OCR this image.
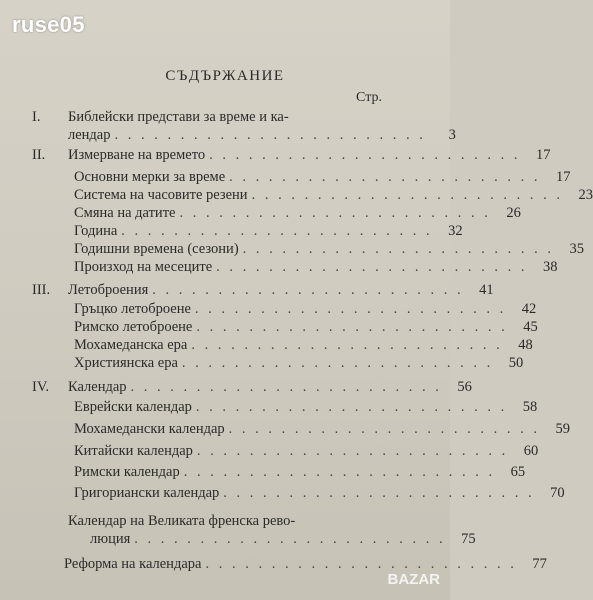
ruse05
СЪДЪРЖАНИЕ
Стр.
I.	Библейски представи за време и ка-
лендар . . . . . . . . . . . . . . . . . . . . . . . .	3
II.	Измерване на времето . . . . . . . . . . . . . . . . . . . . . . . .	17
Основни мерки за време . . . . . . . . . . . . . . . . . . . . . . . .	17
Система на часовите резени . . . . . . . . . . . . . . . . . . . . . . . .	23
Смяна на датите . . . . . . . . . . . . . . . . . . . . . . . .	26
Година . . . . . . . . . . . . . . . . . . . . . . . .	32
Годишни времена (сезони) . . . . . . . . . . . . . . . . . . . . . . . .	35
Произход на месеците . . . . . . . . . . . . . . . . . . . . . . . .	38
III.	Летоброения . . . . . . . . . . . . . . . . . . . . . . . .	41
Гръцко летоброене . . . . . . . . . . . . . . . . . . . . . . . .	42
Римско летоброене . . . . . . . . . . . . . . . . . . . . . . . .	45
Мохамеданска ера . . . . . . . . . . . . . . . . . . . . . . . .	48
Християнска ера . . . . . . . . . . . . . . . . . . . . . . . .	50
IV.	Календар . . . . . . . . . . . . . . . . . . . . . . . .	56
Еврейски календар . . . . . . . . . . . . . . . . . . . . . . . .	58
Мохамедански календар . . . . . . . . . . . . . . . . . . . . . . . .	59
Китайски календар . . . . . . . . . . . . . . . . . . . . . . . .	60
Римски календар . . . . . . . . . . . . . . . . . . . . . . . .	65
Григориански календар . . . . . . . . . . . . . . . . . . . . . . . .	70
Календар на Великата френска рево-
люция . . . . . . . . . . . . . . . . . . . . . . . .	75
Реформа на календара . . . . . . . . . . . . . . . . . . . . . . . .	77
BAZAR
